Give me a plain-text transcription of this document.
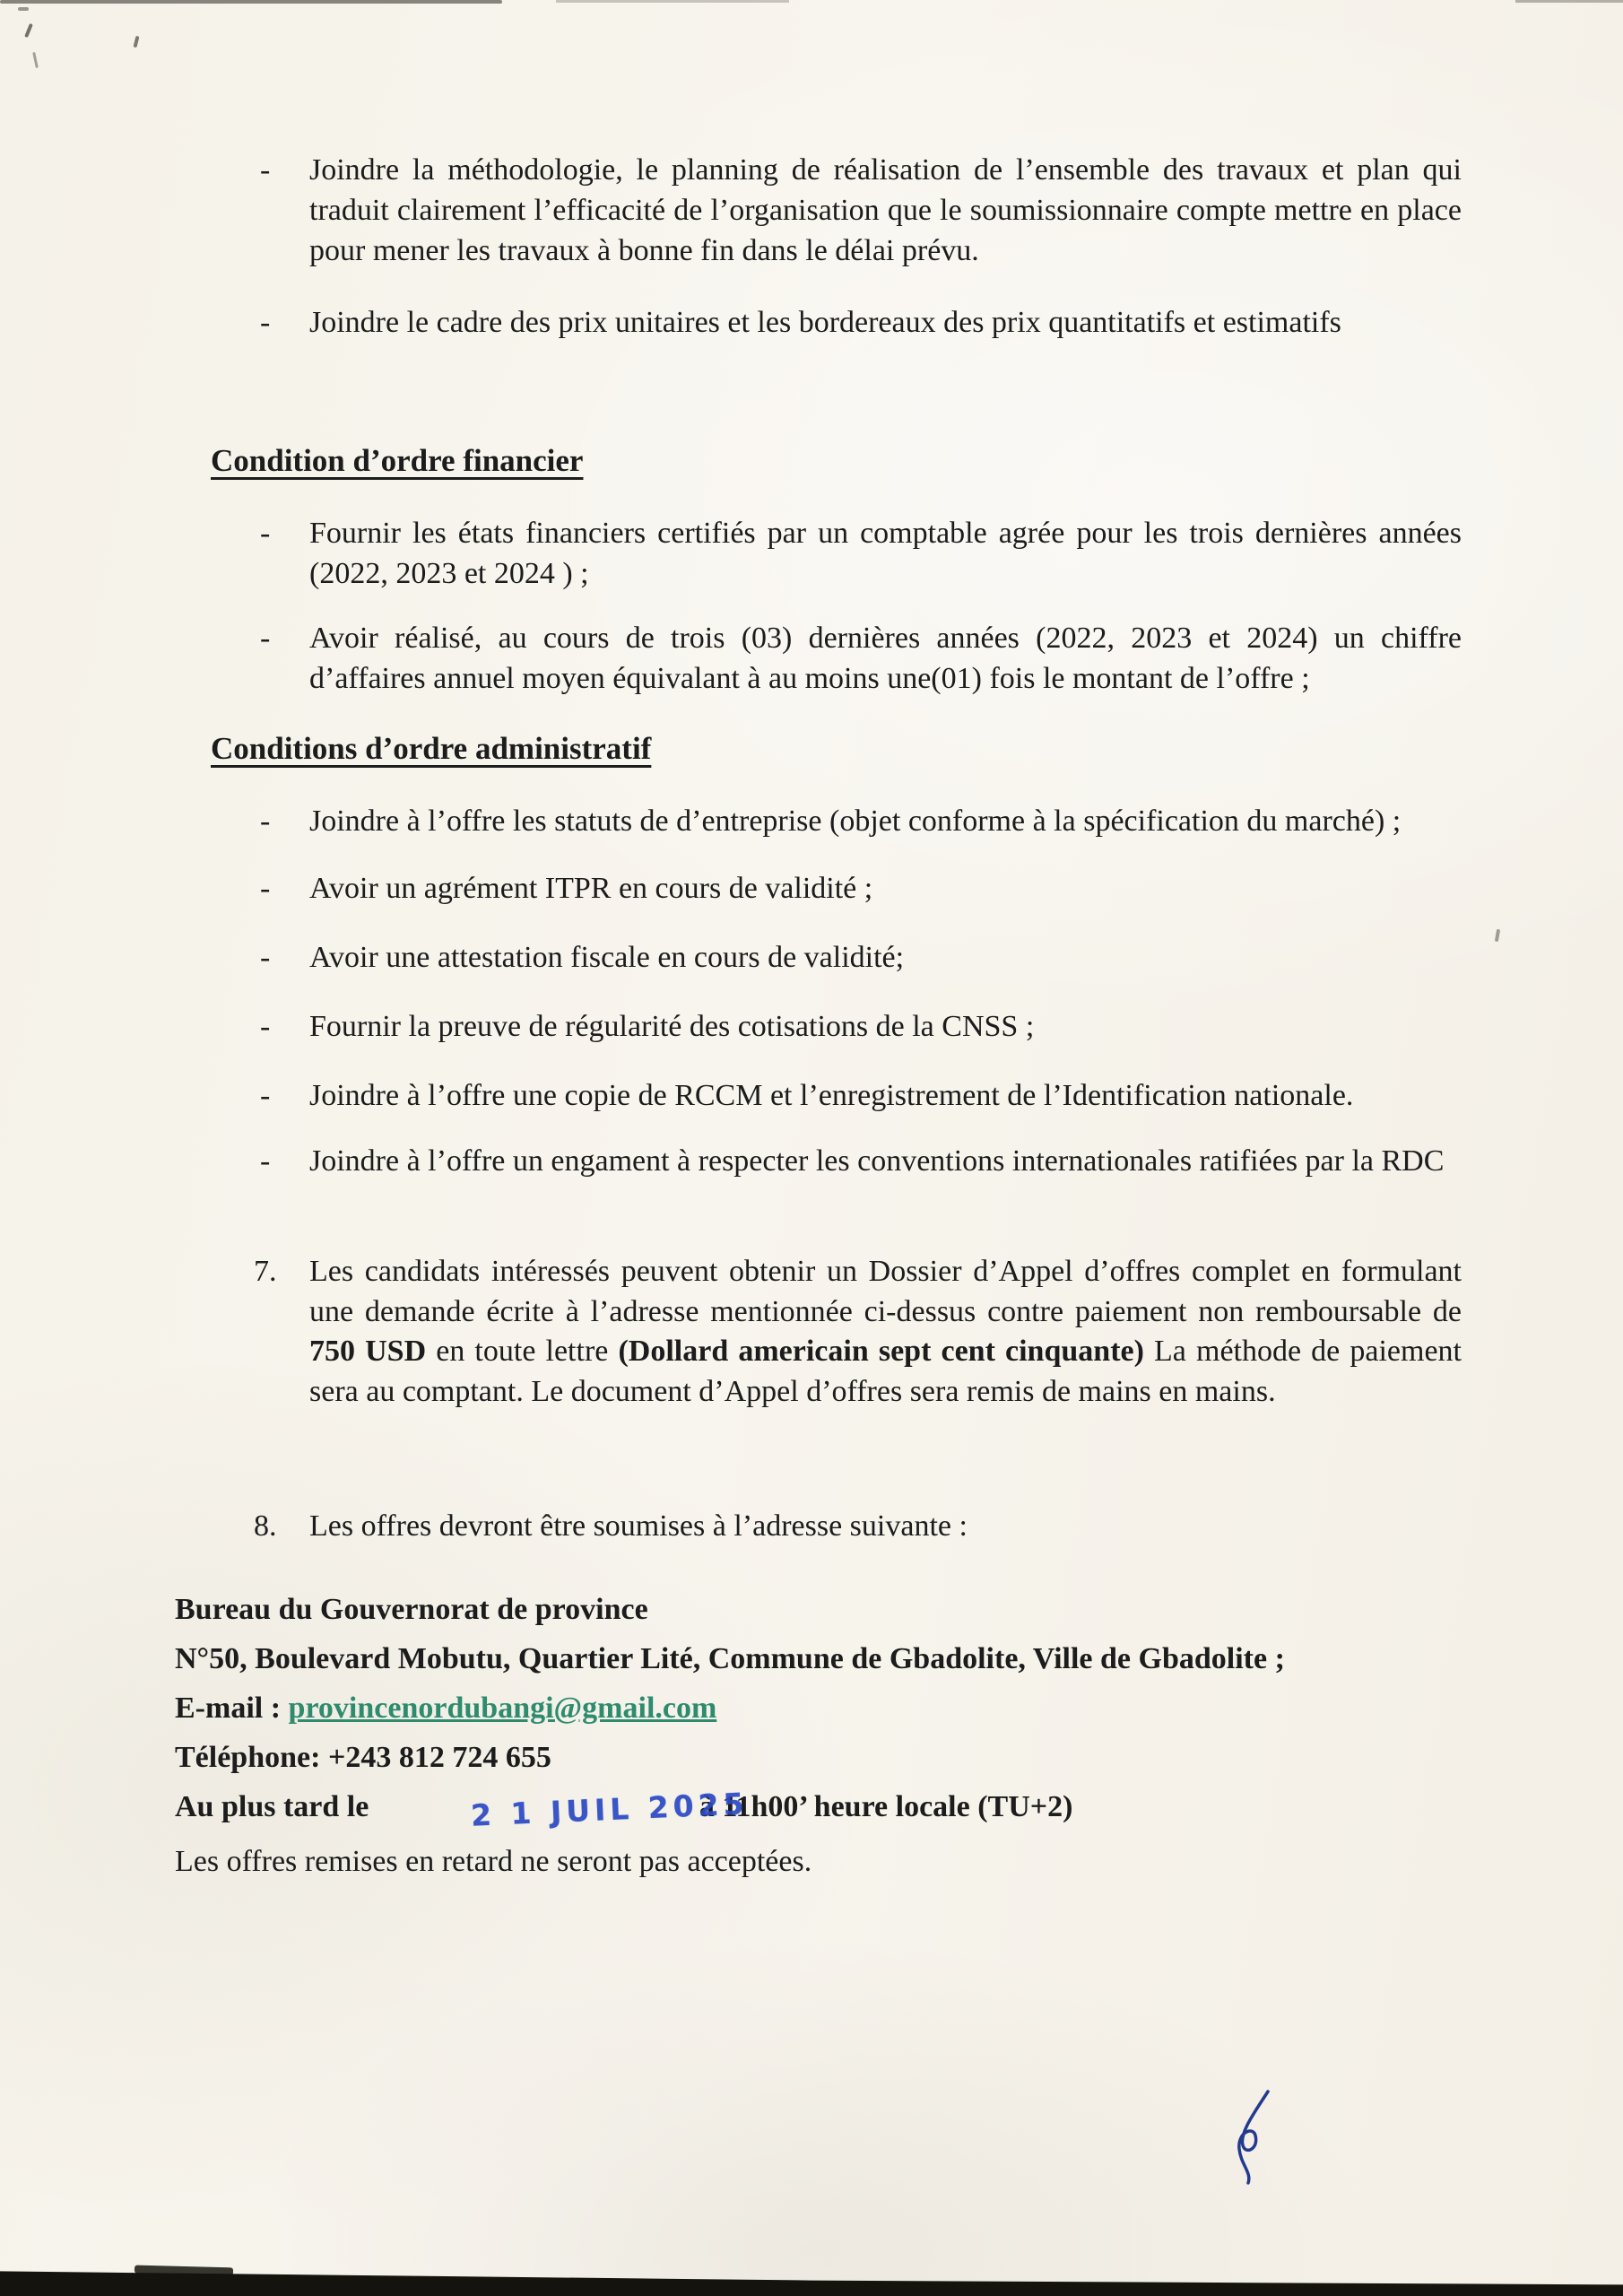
-	Joindre la méthodologie, le planning de réalisation de l’ensemble des travaux et plan qui traduit clairement l’efficacité de l’organisation que le soumissionnaire compte mettre en place pour mener les travaux à bonne fin dans le délai prévu.
-	Joindre le cadre des prix unitaires et les bordereaux des prix quantitatifs et estimatifs
Condition d’ordre financier
-	Fournir les états financiers certifiés par un comptable agrée pour les trois dernières années (2022, 2023 et 2024 ) ;
-	Avoir réalisé, au cours de trois (03) dernières années (2022, 2023 et 2024) un chiffre d’affaires annuel moyen équivalant à au moins une(01) fois le montant de l’offre ;
Conditions d’ordre administratif
-	Joindre à l’offre les statuts de d’entreprise (objet conforme à la spécification du marché) ;
-	Avoir un agrément ITPR en cours de validité ;
-	Avoir une attestation fiscale en cours de validité;
-	Fournir la preuve de régularité des cotisations de la CNSS ;
-	Joindre à l’offre une copie de RCCM et l’enregistrement de l’Identification nationale.
-	Joindre à l’offre un engament à respecter les conventions internationales ratifiées par la RDC
7.	Les candidats intéressés peuvent obtenir un Dossier d’Appel d’offres complet en formulant une demande écrite à l’adresse mentionnée ci-dessus contre paiement non remboursable de 750 USD en toute lettre (Dollard americain sept cent cinquante) La méthode de paiement sera au comptant. Le document d’Appel d’offres sera remis de mains en mains.

8.	Les offres devront être soumises à l’adresse suivante :

Bureau du Gouvernorat de province
N°50, Boulevard Mobutu, Quartier Lité, Commune de Gbadolite, Ville de Gbadolite ;
E-mail : provincenordubangi@gmail.com
Téléphone: +243 812 724 655
Au plus tard le	2 1 JUIL 2025
à 11h00’ heure locale (TU+2)
Les offres remises en retard ne seront pas acceptées.
